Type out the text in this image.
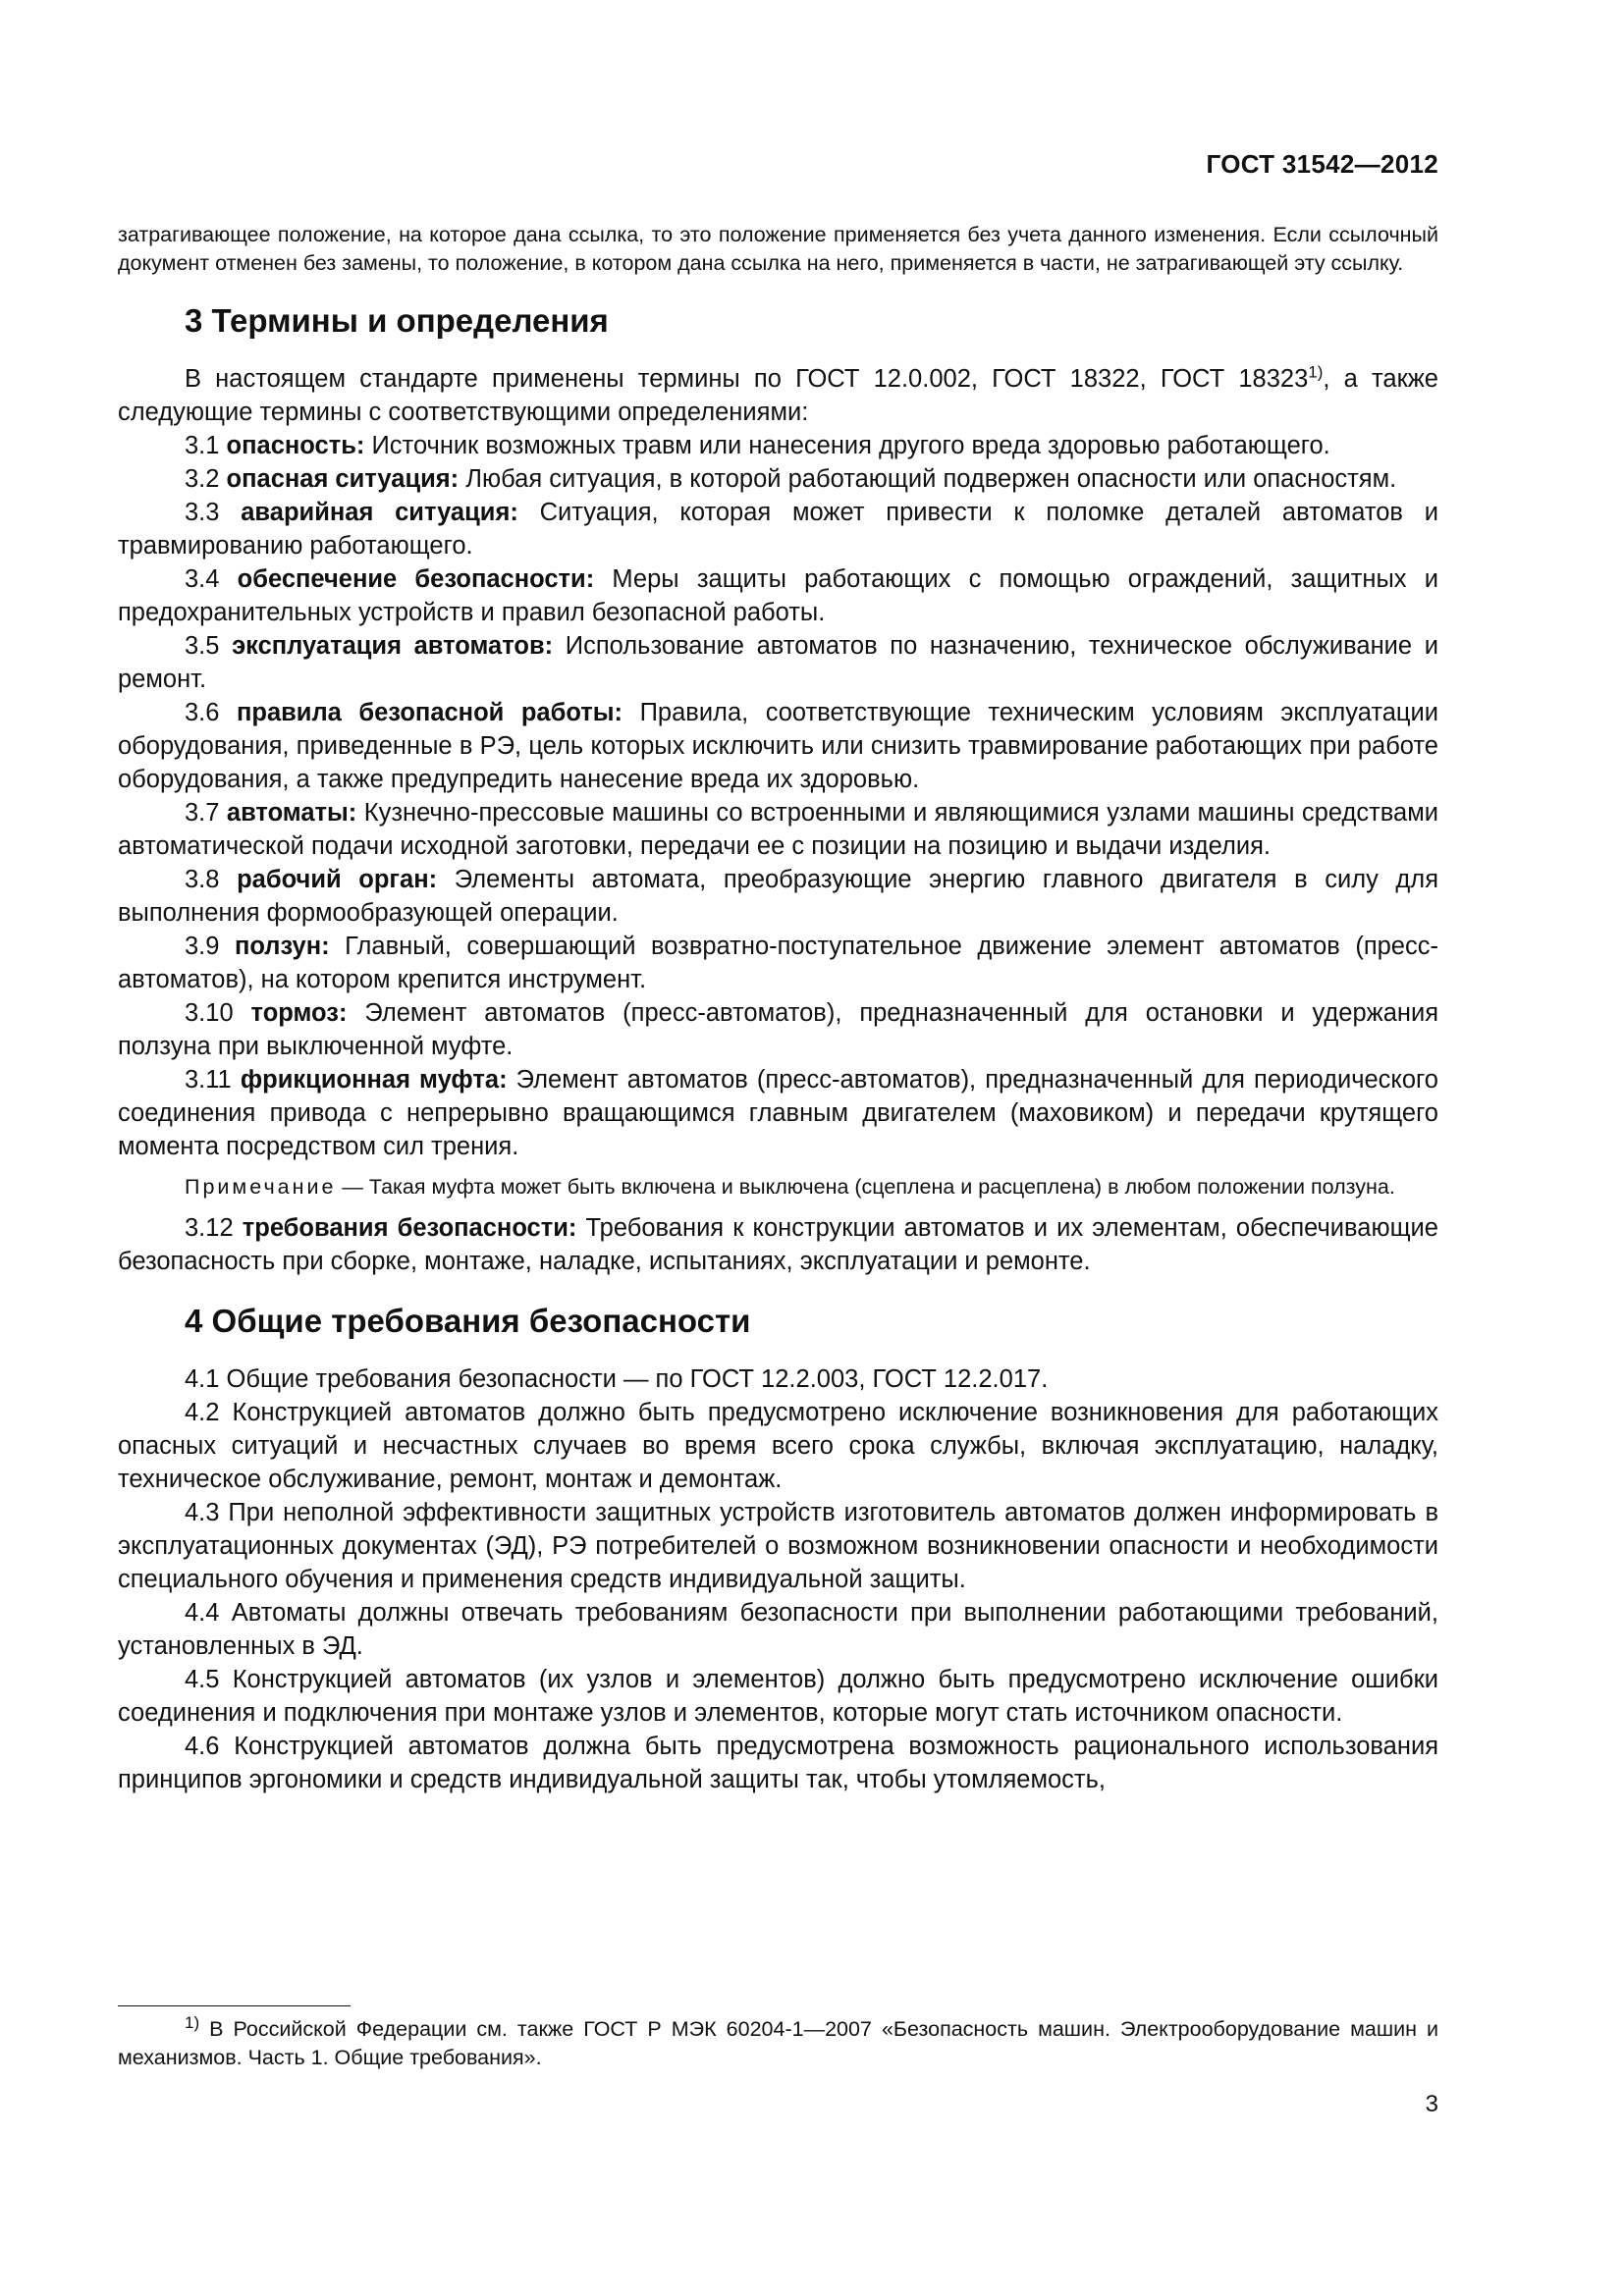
ГОСТ 31542—2012

затрагивающее положение, на которое дана ссылка, то это положение применяется без учета данного изменения. Если ссылочный документ отменен без замены, то положение, в котором дана ссылка на него, применяется в части, не затрагивающей эту ссылку.

3 Термины и определения

В настоящем стандарте применены термины по ГОСТ 12.0.002, ГОСТ 18322, ГОСТ 18323$^{1)}$, а также следующие термины с соответствующими определениями:

3.1 опасность: Источник возможных травм или нанесения другого вреда здоровью работающего.

3.2 опасная ситуация: Любая ситуация, в которой работающий подвержен опасности или опасностям.

3.3 аварийная ситуация: Ситуация, которая может привести к поломке деталей автоматов и травмированию работающего.

3.4 обеспечение безопасности: Меры защиты работающих с помощью ограждений, защитных и предохранительных устройств и правил безопасной работы.

3.5 эксплуатация автоматов: Использование автоматов по назначению, техническое обслуживание и ремонт.

3.6 правила безопасной работы: Правила, соответствующие техническим условиям эксплуатации оборудования, приведенные в РЭ, цель которых исключить или снизить травмирование работающих при работе оборудования, а также предупредить нанесение вреда их здоровью.

3.7 автоматы: Кузнечно-прессовые машины со встроенными и являющимися узлами машины средствами автоматической подачи исходной заготовки, передачи ее с позиции на позицию и выдачи изделия.

3.8 рабочий орган: Элементы автомата, преобразующие энергию главного двигателя в силу для выполнения формообразующей операции.

3.9 ползун: Главный, совершающий возвратно-поступательное движение элемент автоматов (пресс-автоматов), на котором крепится инструмент.

3.10 тормоз: Элемент автоматов (пресс-автоматов), предназначенный для остановки и удержания ползуна при выключенной муфте.

3.11 фрикционная муфта: Элемент автоматов (пресс-автоматов), предназначенный для периодического соединения привода с непрерывно вращающимся главным двигателем (маховиком) и передачи крутящего момента посредством сил трения.

Примечание — Такая муфта может быть включена и выключена (сцеплена и расцеплена) в любом положении ползуна.

3.12 требования безопасности: Требования к конструкции автоматов и их элементам, обеспечивающие безопасность при сборке, монтаже, наладке, испытаниях, эксплуатации и ремонте.

4 Общие требования безопасности

4.1 Общие требования безопасности — по ГОСТ 12.2.003, ГОСТ 12.2.017.

4.2 Конструкцией автоматов должно быть предусмотрено исключение возникновения для работающих опасных ситуаций и несчастных случаев во время всего срока службы, включая эксплуатацию, наладку, техническое обслуживание, ремонт, монтаж и демонтаж.

4.3 При неполной эффективности защитных устройств изготовитель автоматов должен информировать в эксплуатационных документах (ЭД), РЭ потребителей о возможном возникновении опасности и необходимости специального обучения и применения средств индивидуальной защиты.

4.4 Автоматы должны отвечать требованиям безопасности при выполнении работающими требований, установленных в ЭД.

4.5 Конструкцией автоматов (их узлов и элементов) должно быть предусмотрено исключение ошибки соединения и подключения при монтаже узлов и элементов, которые могут стать источником опасности.

4.6 Конструкцией автоматов должна быть предусмотрена возможность рационального использования принципов эргономики и средств индивидуальной защиты так, чтобы утомляемость,

$^{1)}$ В Российской Федерации см. также ГОСТ Р МЭК 60204-1—2007 «Безопасность машин. Электрооборудование машин и механизмов. Часть 1. Общие требования».

3
